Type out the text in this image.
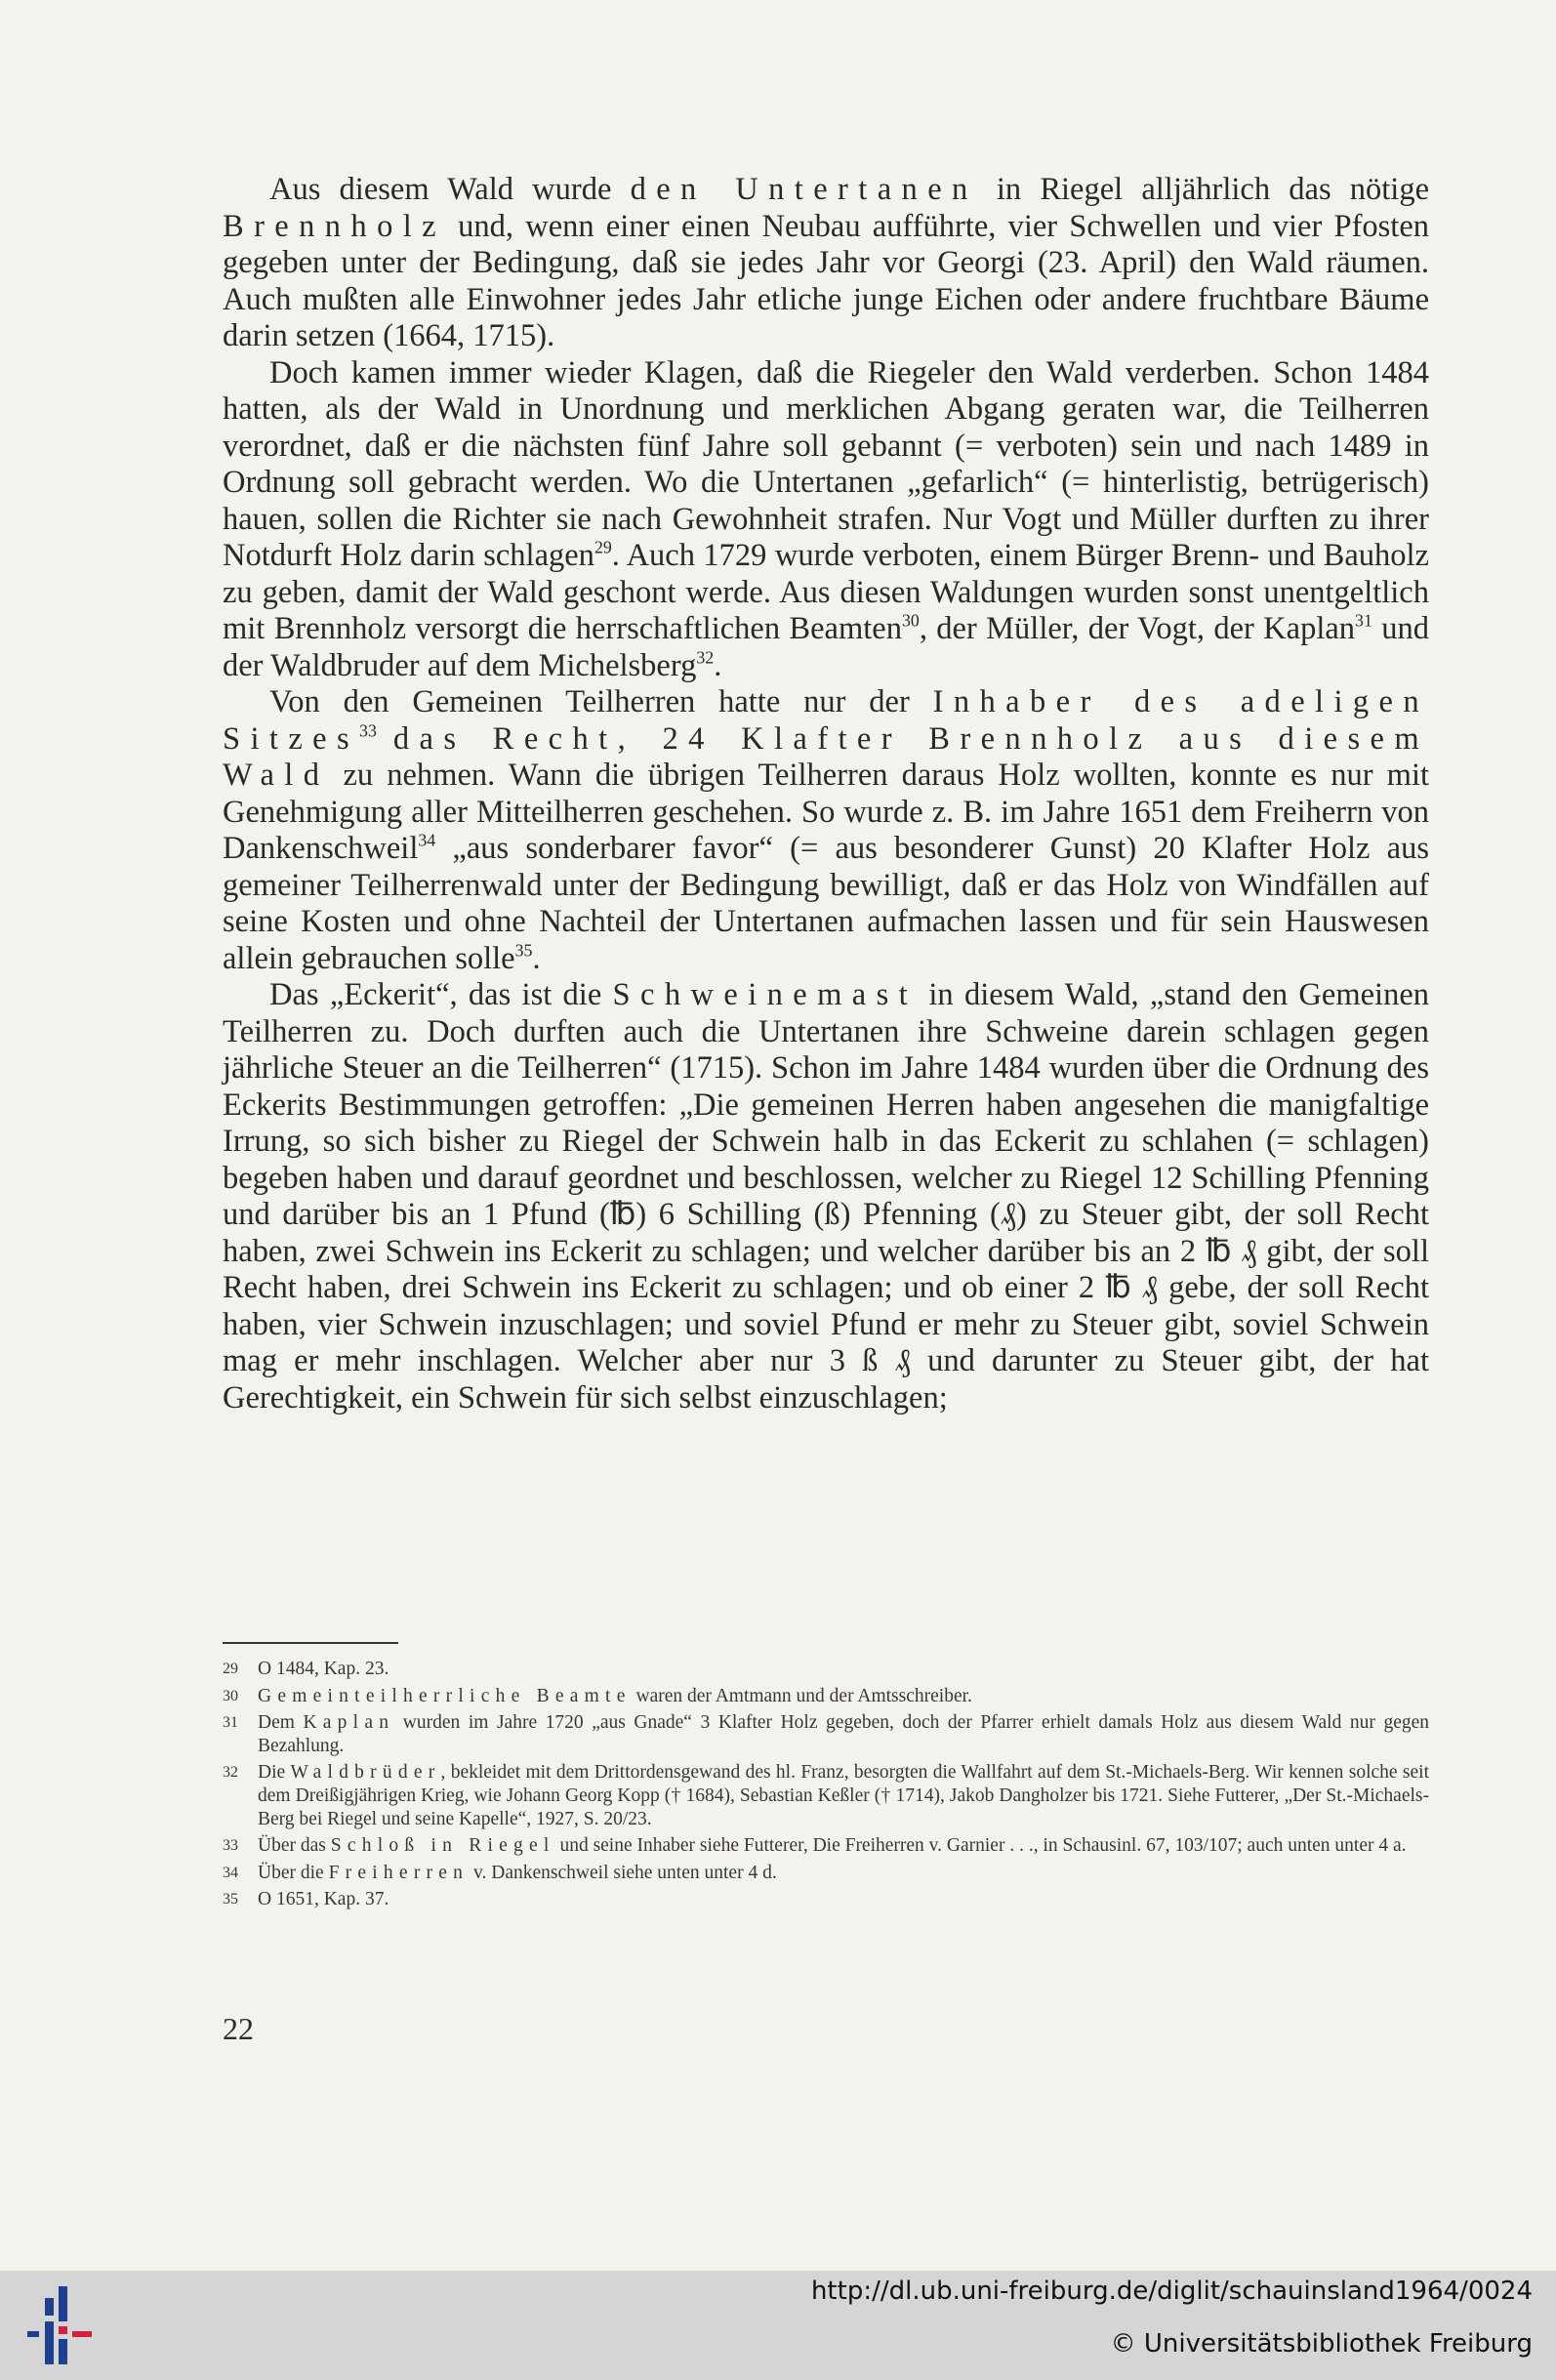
Aus diesem Wald wurde den Untertanen in Riegel alljährlich das nötige Brennholz und, wenn einer einen Neubau aufführte, vier Schwellen und vier Pfosten gegeben unter der Bedingung, daß sie jedes Jahr vor Georgi (23. April) den Wald räumen. Auch mußten alle Einwohner jedes Jahr etliche junge Eichen oder andere fruchtbare Bäume darin setzen (1664, 1715).

Doch kamen immer wieder Klagen, daß die Riegeler den Wald verderben. Schon 1484 hatten, als der Wald in Unordnung und merklichen Abgang geraten war, die Teilherren verordnet, daß er die nächsten fünf Jahre soll gebannt (= verboten) sein und nach 1489 in Ordnung soll gebracht werden. Wo die Untertanen „gefarlich“ (= hinterlistig, betrügerisch) hauen, sollen die Richter sie nach Gewohnheit strafen. Nur Vogt und Müller durften zu ihrer Notdurft Holz darin schlagen$^{29}$. Auch 1729 wurde verboten, einem Bürger Brenn- und Bauholz zu geben, damit der Wald geschont werde. Aus diesen Waldungen wurden sonst unentgeltlich mit Brennholz versorgt die herrschaftlichen Beamten$^{30}$, der Müller, der Vogt, der Kaplan$^{31}$ und der Waldbruder auf dem Michelsberg$^{32}$.

Von den Gemeinen Teilherren hatte nur der Inhaber des adeligen Sitzes$^{33}$ das Recht, 24 Klafter Brennholz aus diesem Wald zu nehmen. Wann die übrigen Teilherren daraus Holz wollten, konnte es nur mit Genehmigung aller Mitteilherren geschehen. So wurde z. B. im Jahre 1651 dem Freiherrn von Dankenschweil$^{34}$ „aus sonderbarer favor“ (= aus besonderer Gunst) 20 Klafter Holz aus gemeiner Teilherrenwald unter der Bedingung bewilligt, daß er das Holz von Windfällen auf seine Kosten und ohne Nachteil der Untertanen aufmachen lassen und für sein Hauswesen allein gebrauchen solle$^{35}$.

Das „Eckerit“, das ist die Schweinemast in diesem Wald, „stand den Gemeinen Teilherren zu. Doch durften auch die Untertanen ihre Schweine darein schlagen gegen jährliche Steuer an die Teilherren“ (1715). Schon im Jahre 1484 wurden über die Ordnung des Eckerits Bestimmungen getroffen: „Die gemeinen Herren haben angesehen die manigfaltige Irrung, so sich bisher zu Riegel der Schwein halb in das Eckerit zu schlahen (= schlagen) begeben haben und darauf geordnet und beschlossen, welcher zu Riegel 12 Schilling Pfenning und darüber bis an 1 Pfund (℔) 6 Schilling (ß) Pfenning (₰) zu Steuer gibt, der soll Recht haben, zwei Schwein ins Eckerit zu schlagen; und welcher darüber bis an 2 ℔ ₰ gibt, der soll Recht haben, drei Schwein ins Eckerit zu schlagen; und ob einer 2 ℔ ₰ gebe, der soll Recht haben, vier Schwein inzuschlagen; und soviel Pfund er mehr zu Steuer gibt, soviel Schwein mag er mehr inschlagen. Welcher aber nur 3 ß ₰ und darunter zu Steuer gibt, der hat Gerechtigkeit, ein Schwein für sich selbst einzuschlagen;

29 O 1484, Kap. 23.
30 Gemeinteilherrliche Beamte waren der Amtmann und der Amtsschreiber.
31 Dem Kaplan wurden im Jahre 1720 „aus Gnade“ 3 Klafter Holz gegeben, doch der Pfarrer erhielt damals Holz aus diesem Wald nur gegen Bezahlung.
32 Die Waldbrüder, bekleidet mit dem Drittordensgewand des hl. Franz, besorgten die Wallfahrt auf dem St.-Michaels-Berg. Wir kennen solche seit dem Dreißigjährigen Krieg, wie Johann Georg Kopp († 1684), Sebastian Keßler († 1714), Jakob Dangholzer bis 1721. Siehe Futterer, „Der St.-Michaels-Berg bei Riegel und seine Kapelle“, 1927, S. 20/23.
33 Über das Schloß in Riegel und seine Inhaber siehe Futterer, Die Freiherren v. Garnier . . ., in Schausinl. 67, 103/107; auch unten unter 4 a.
34 Über die Freiherren v. Dankenschweil siehe unten unter 4 d.
35 O 1651, Kap. 37.
22
http://dl.ub.uni-freiburg.de/diglit/schauinsland1964/0024
© Universitätsbibliothek Freiburg
